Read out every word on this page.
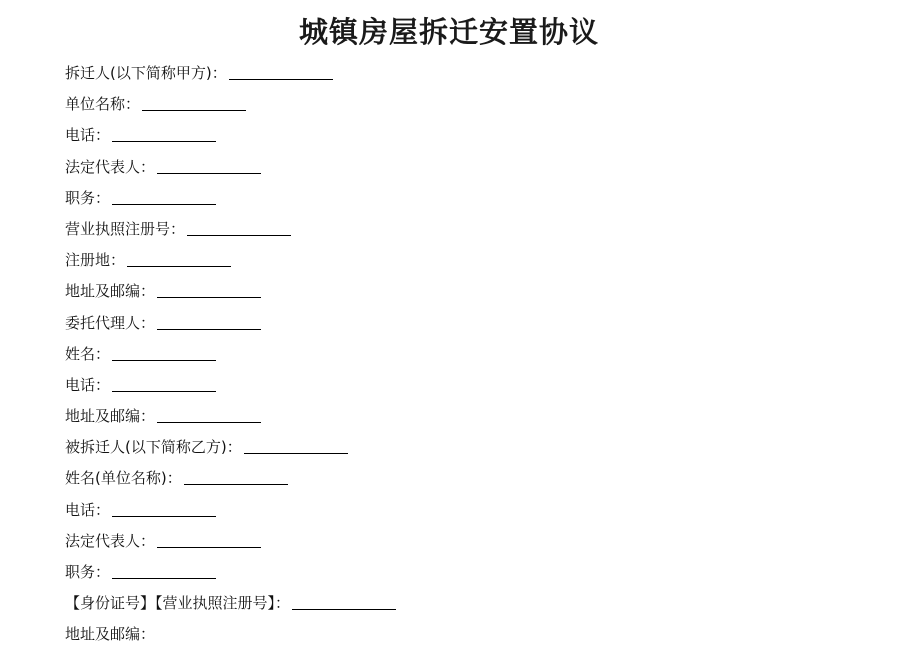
城镇房屋拆迁安置协议
拆迁人(以下简称甲方)：
单位名称：
电话：
法定代表人：
职务：
营业执照注册号：
注册地：
地址及邮编：
委托代理人：
姓名：
电话：
地址及邮编：
被拆迁人(以下简称乙方)：
姓名(单位名称)：
电话：
法定代表人：
职务：
【身份证号】【营业执照注册号】：
地址及邮编：
